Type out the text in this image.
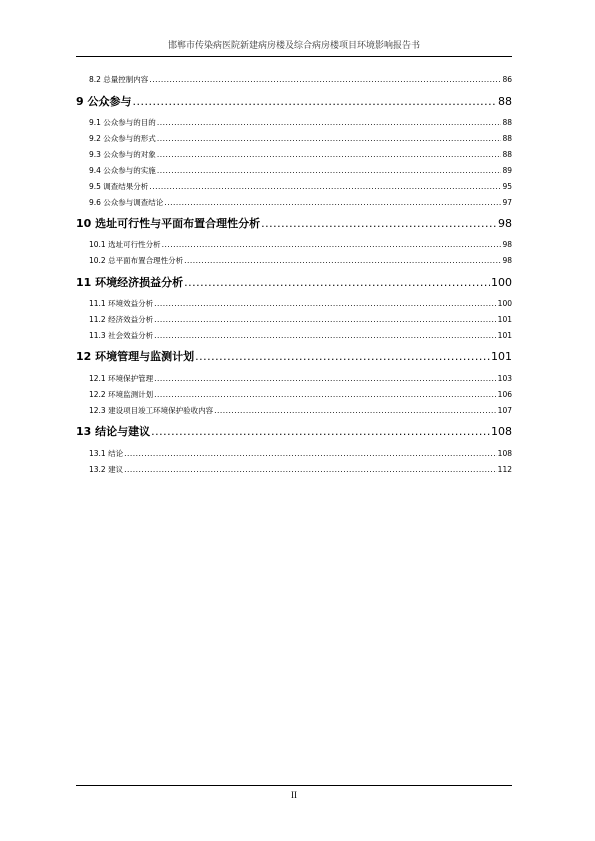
邯郸市传染病医院新建病房楼及综合病房楼项目环境影响报告书
8.2 总量控制内容 .....	86
9 公众参与 .....	88
9.1 公众参与的目的 .....	88
9.2 公众参与的形式 .....	88
9.3 公众参与的对象 .....	88
9.4 公众参与的实施 .....	89
9.5 调查结果分析 .....	95
9.6 公众参与调查结论 .....	97
10 选址可行性与平面布置合理性分析 .....	98
10.1 选址可行性分析 .....	98
10.2 总平面布置合理性分析 .....	98
11 环境经济损益分析 .....	100
11.1 环境效益分析 .....	100
11.2 经济效益分析 .....	101
11.3 社会效益分析 .....	101
12 环境管理与监测计划 .....	101
12.1 环境保护管理 .....	103
12.2 环境监测计划 .....	106
12.3 建设项目竣工环境保护验收内容 .....	107
13 结论与建议 .....	108
13.1 结论 .....	108
13.2 建议 .....	112
II
